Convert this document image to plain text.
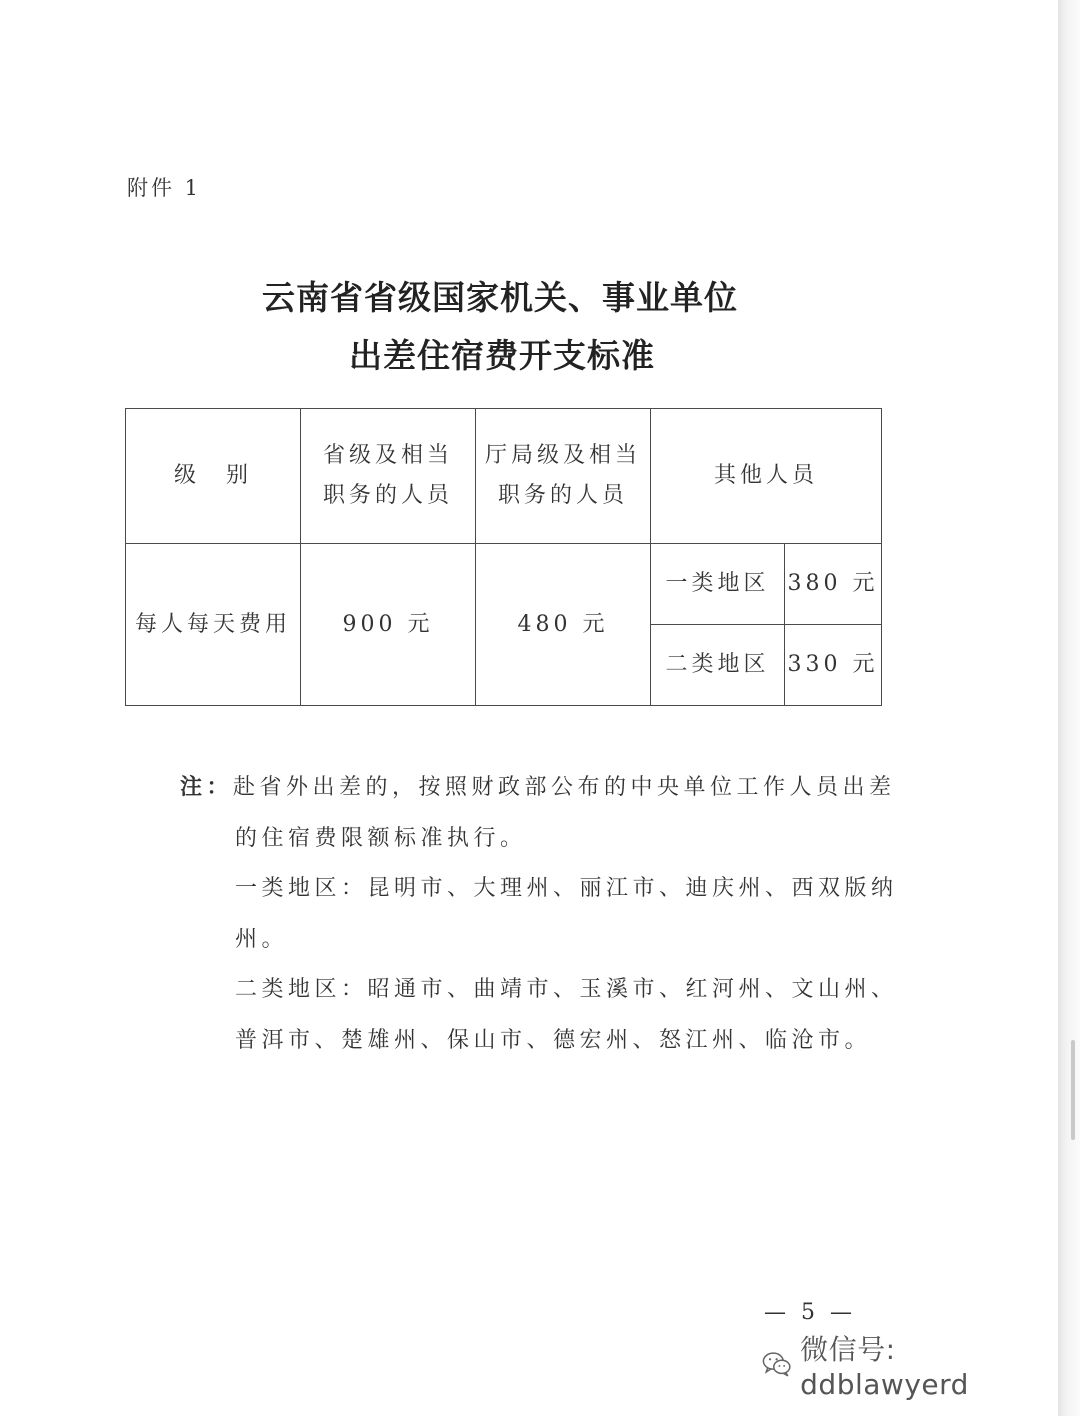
附件 1
云南省省级国家机关、事业单位
出差住宿费开支标准
级　别	省级及相当职务的人员	厅局级及相当职务的人员	其他人员	
每人每天费用	900 元	480 元	一类地区	380 元
			二类地区	330 元

注：赴省外出差的，按照财政部公布的中央单位工作人员出差的住宿费限额标准执行。

一类地区：昆明市、大理州、丽江市、迪庆州、西双版纳州。

二类地区：昭通市、曲靖市、玉溪市、红河州、文山州、普洱市、楚雄州、保山市、德宏州、怒江州、临沧市。

— 5 —
微信号: ddblawyerd
